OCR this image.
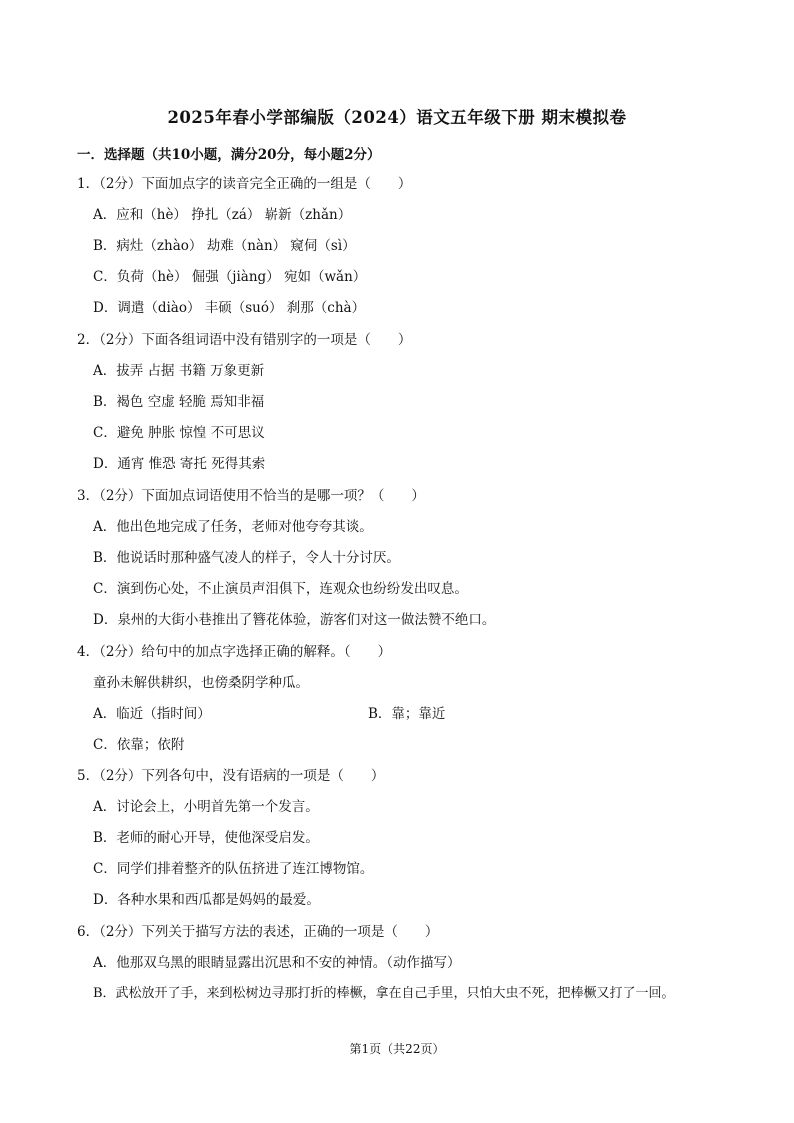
2025年春小学部编版（2024）语文五年级下册 期末模拟卷
一．选择题（共10小题，满分20分，每小题2分）
1．（2分）下面加点字的读音完全正确的一组是（　　）
A．应和（hè） 挣扎（zá） 崭新（zhǎn）
B．病灶（zhào） 劫难（nàn） 窥伺（sì）
C．负荷（hè） 倔强（jiàng） 宛如（wǎn）
D．调遣（diào） 丰硕（suó） 刹那（chà）
2．（2分）下面各组词语中没有错别字的一项是（　　）
A．拔弄 占据 书籍 万象更新
B．褐色 空虚 轻脆 焉知非福
C．避免 肿胀 惊惶 不可思议
D．通宵 惟恐 寄托 死得其索
3．（2分）下面加点词语使用不恰当的是哪一项？（　　）
A．他出色地完成了任务，老师对他夸夸其谈。
B．他说话时那种盛气凌人的样子，令人十分讨厌。
C．演到伤心处，不止演员声泪俱下，连观众也纷纷发出叹息。
D．泉州的大街小巷推出了簪花体验，游客们对这一做法赞不绝口。
4．（2分）给句中的加点字选择正确的解释。（　　）
童孙未解供耕织，也傍桑阴学种瓜。
A．临近（指时间）	B．靠；靠近
C．依靠；依附
5．（2分）下列各句中，没有语病的一项是（　　）
A．讨论会上，小明首先第一个发言。
B．老师的耐心开导，使他深受启发。
C．同学们排着整齐的队伍挤进了连江博物馆。
D．各种水果和西瓜都是妈妈的最爱。
6．（2分）下列关于描写方法的表述，正确的一项是（　　）
A．他那双乌黑的眼睛显露出沉思和不安的神情。（动作描写）
B．武松放开了手，来到松树边寻那打折的棒橛，拿在自己手里，只怕大虫不死，把棒橛又打了一回。
第1页（共22页）
